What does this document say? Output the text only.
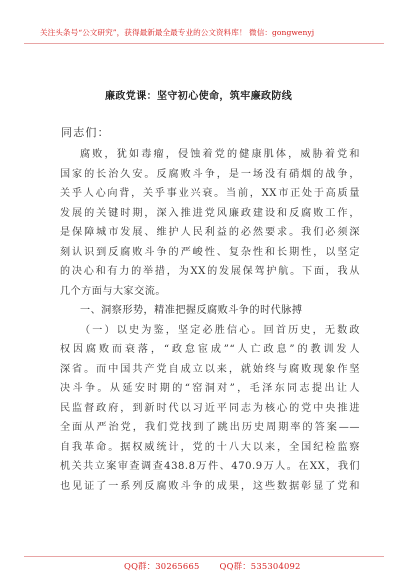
关注头条号“公文研究”，获得最新最全最专业的公文资料库！ 微信：gongwenyj
廉政党课：坚守初心使命，筑牢廉政防线
同志们：
腐败，犹如毒瘤，侵蚀着党的健康肌体，威胁着党和
国家的长治久安。反腐败斗争，是一场没有硝烟的战争，
关乎人心向背，关乎事业兴衰。当前，XX市正处于高质量
发展的关键时期，深入推进党风廉政建设和反腐败工作，
是保障城市发展、维护人民利益的必然要求。我们必须深
刻认识到反腐败斗争的严峻性、复杂性和长期性，以坚定
的决心和有力的举措，为XX的发展保驾护航。下面，我从
几个方面与大家交流。
一、洞察形势，精准把握反腐败斗争的时代脉搏
（一）以史为鉴，坚定必胜信心。回首历史，无数政
权因腐败而衰落，“政怠宦成”“人亡政息”的教训发人
深省。而中国共产党自成立以来，就始终与腐败现象作坚
决斗争。从延安时期的“窑洞对”，毛泽东同志提出让人
民监督政府，到新时代以习近平同志为核心的党中央推进
全面从严治党，我们党找到了跳出历史周期率的答案——
自我革命。据权威统计，党的十八大以来，全国纪检监察
机关共立案审查调查438.8万件、470.9万人。在XX，我们
也见证了一系列反腐败斗争的成果，这些数据彰显了党和
QQ群：30265665 QQ群：535304092
